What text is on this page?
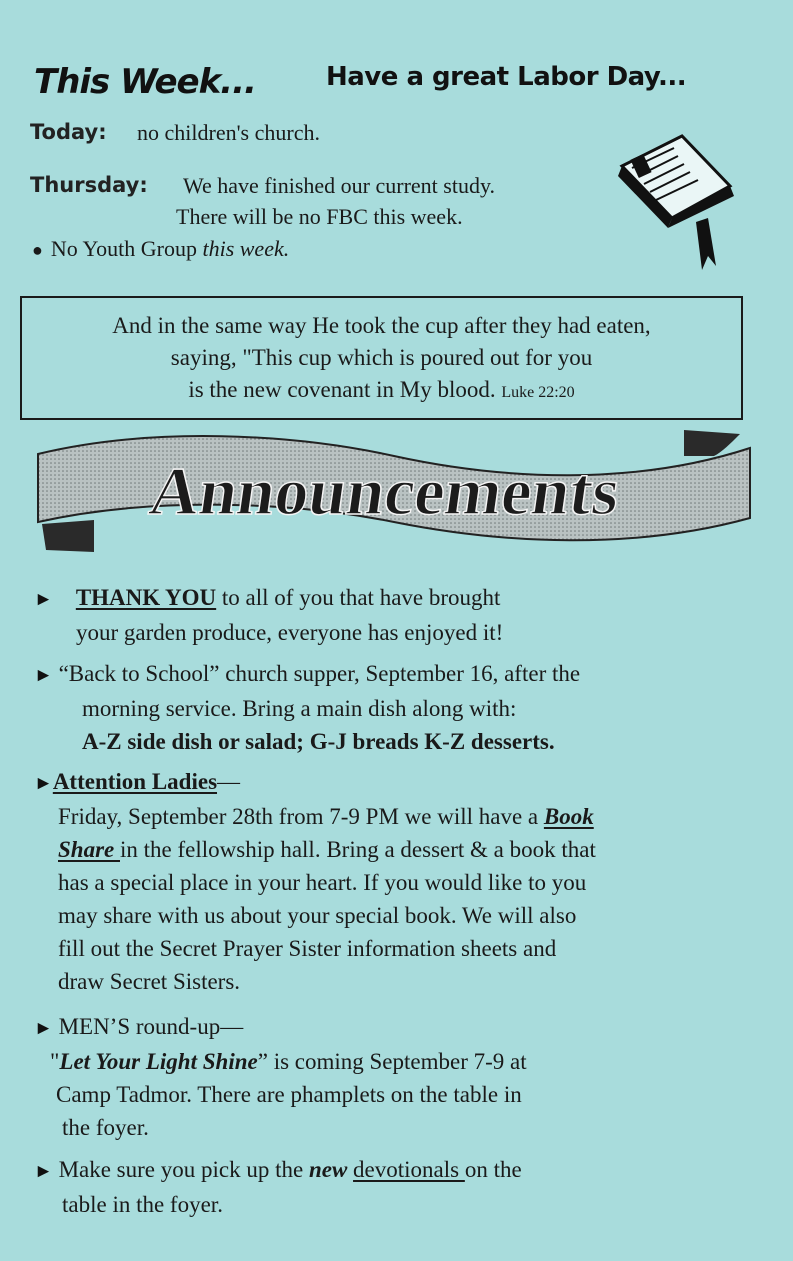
This Week...	Have a great Labor Day...
Today: no children's church.
Thursday: We have finished our current study.
There will be no FBC this week.
● No Youth Group this week.
And in the same way He took the cup after they had eaten,
saying, "This cup which is poured out for you
is the new covenant in My blood. Luke 22:20
Announcements
► THANK YOU to all of you that have brought
your garden produce, everyone has enjoyed it!
► “Back to School” church supper, September 16, after the
morning service. Bring a main dish along with:
A-Z side dish or salad; G-J breads K-Z desserts.
►Attention Ladies—
Friday, September 28th from 7-9 PM we will have a Book
Share in the fellowship hall. Bring a dessert & a book that
has a special place in your heart. If you would like to you
may share with us about your special book. We will also
fill out the Secret Prayer Sister information sheets and
draw Secret Sisters.
► MEN’S round-up—
"Let Your Light Shine” is coming September 7-9 at
Camp Tadmor. There are phamplets on the table in
the foyer.
► Make sure you pick up the new devotionals on the
table in the foyer.
